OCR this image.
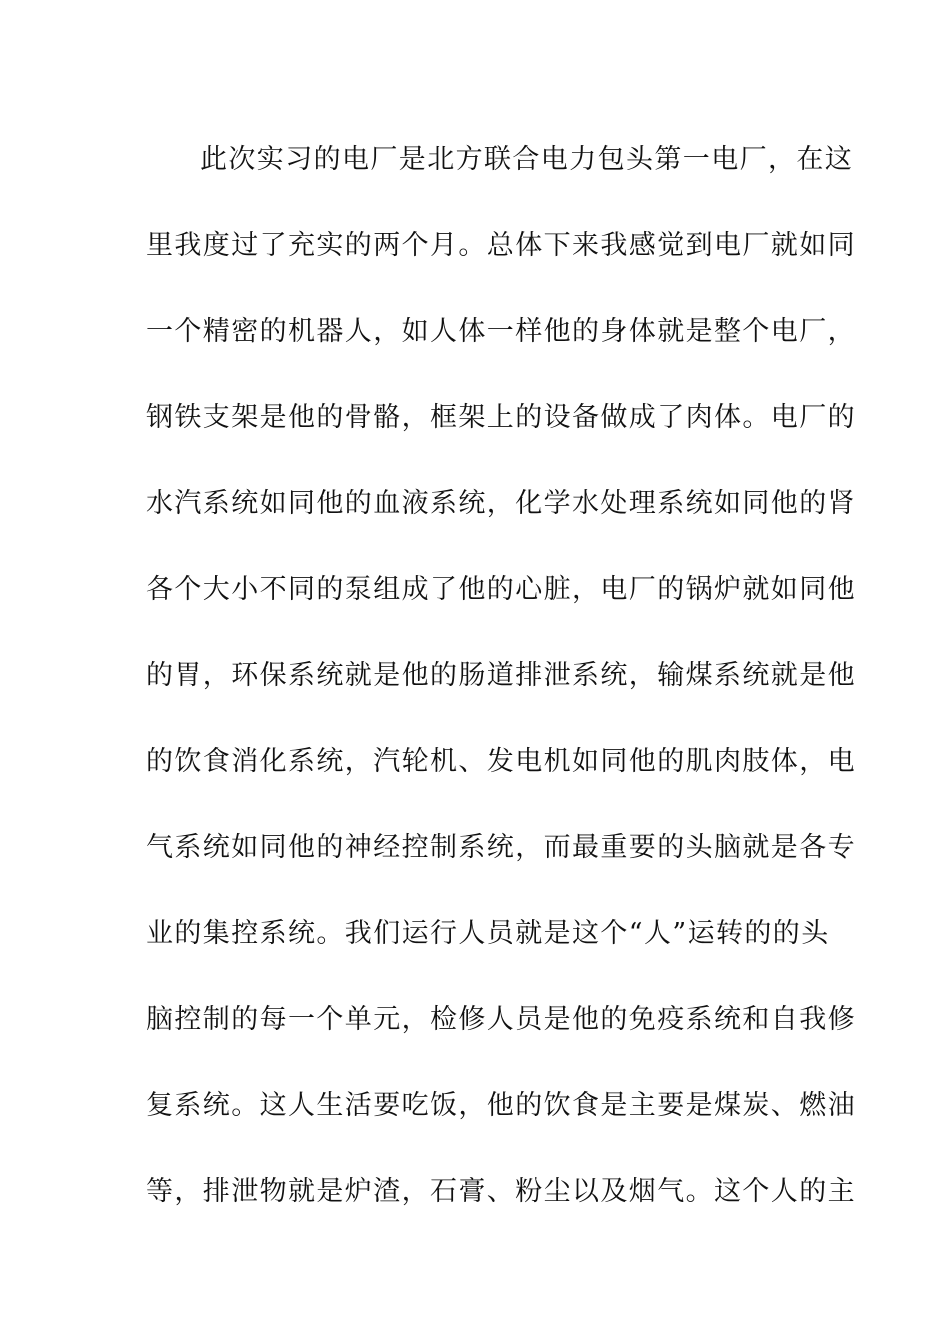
此次实习的电厂是北方联合电力包头第一电厂，在这
里我度过了充实的两个月。总体下来我感觉到电厂就如同
一个精密的机器人，如人体一样他的身体就是整个电厂，
钢铁支架是他的骨骼，框架上的设备做成了肉体。电厂的
水汽系统如同他的血液系统，化学水处理系统如同他的肾
各个大小不同的泵组成了他的心脏，电厂的锅炉就如同他
的胃，环保系统就是他的肠道排泄系统，输煤系统就是他
的饮食消化系统，汽轮机、发电机如同他的肌肉肢体，电
气系统如同他的神经控制系统，而最重要的头脑就是各专
业的集控系统。我们运行人员就是这个“人”运转的的头
脑控制的每一个单元，检修人员是他的免疫系统和自我修
复系统。这人生活要吃饭，他的饮食是主要是煤炭、燃油
等，排泄物就是炉渣，石膏、粉尘以及烟气。这个人的主
